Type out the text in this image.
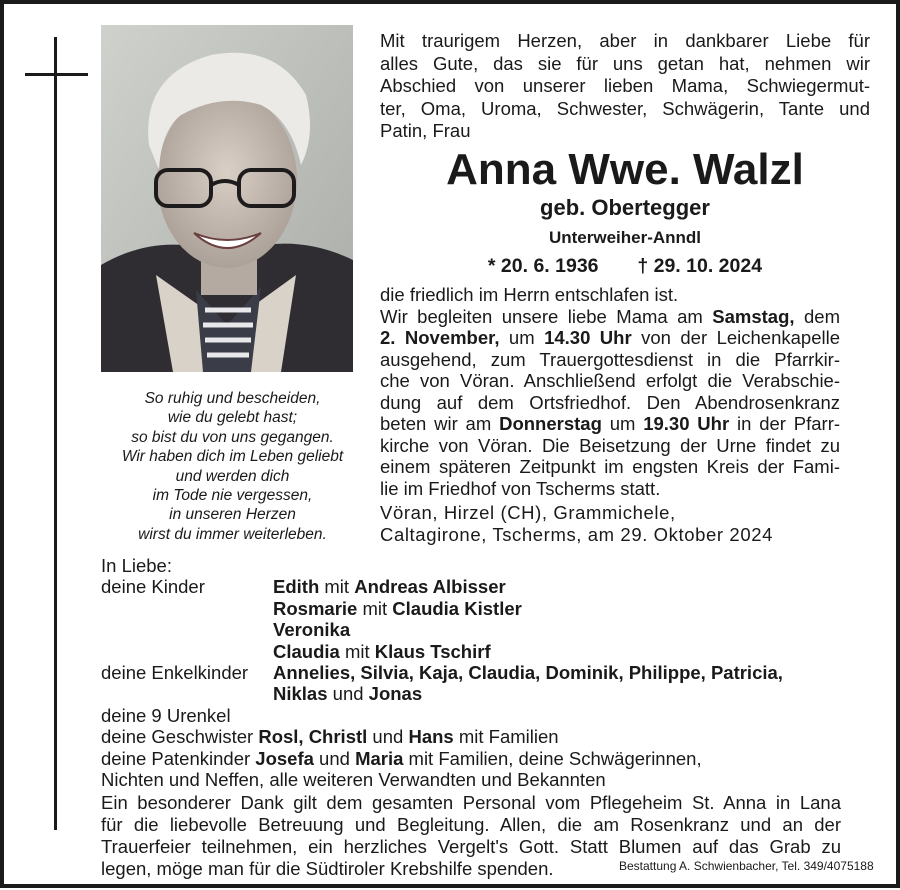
So ruhig und bescheiden,
wie du gelebt hast;
so bist du von uns gegangen.
Wir haben dich im Leben geliebt
und werden dich
im Tode nie vergessen,
in unseren Herzen
wirst du immer weiterleben.
Mit traurigem Herzen, aber in dankbarer Liebe für
alles Gute, das sie für uns getan hat, nehmen wir
Abschied von unserer lieben Mama, Schwiegermut-
ter, Oma, Uroma, Schwester, Schwägerin, Tante und
Patin, Frau
Anna Wwe. Walzl
geb. Obertegger
Unterweiher-Anndl
* 20. 6. 1936 † 29. 10. 2024
die friedlich im Herrn entschlafen ist.
Wir begleiten unsere liebe Mama am Samstag, dem
2. November, um 14.30 Uhr von der Leichenkapelle
ausgehend, zum Trauergottesdienst in die Pfarrkir-
che von Vöran. Anschließend erfolgt die Verabschie-
dung auf dem Ortsfriedhof. Den Abendrosenkranz
beten wir am Donnerstag um 19.30 Uhr in der Pfarr-
kirche von Vöran. Die Beisetzung der Urne findet zu
einem späteren Zeitpunkt im engsten Kreis der Fami-
lie im Friedhof von Tscherms statt.
Vöran, Hirzel (CH), Grammichele,
Caltagirone, Tscherms, am 29. Oktober 2024
In Liebe:
deine Kinder	Edith mit Andreas Albisser
Rosmarie mit Claudia Kistler
Veronika
Claudia mit Klaus Tschirf
deine Enkelkinder	Annelies, Silvia, Kaja, Claudia, Dominik, Philippe, Patricia,
Niklas und Jonas
deine 9 Urenkel
deine Geschwister Rosl, Christl und Hans mit Familien
deine Patenkinder Josefa und Maria mit Familien, deine Schwägerinnen,
Nichten und Neffen, alle weiteren Verwandten und Bekannten
Ein besonderer Dank gilt dem gesamten Personal vom Pflegeheim St. Anna in Lana
für die liebevolle Betreuung und Begleitung. Allen, die am Rosenkranz und an der
Trauerfeier teilnehmen, ein herzliches Vergelt's Gott. Statt Blumen auf das Grab zu
legen, möge man für die Südtiroler Krebshilfe spenden.	Bestattung A. Schwienbacher, Tel. 349/4075188
